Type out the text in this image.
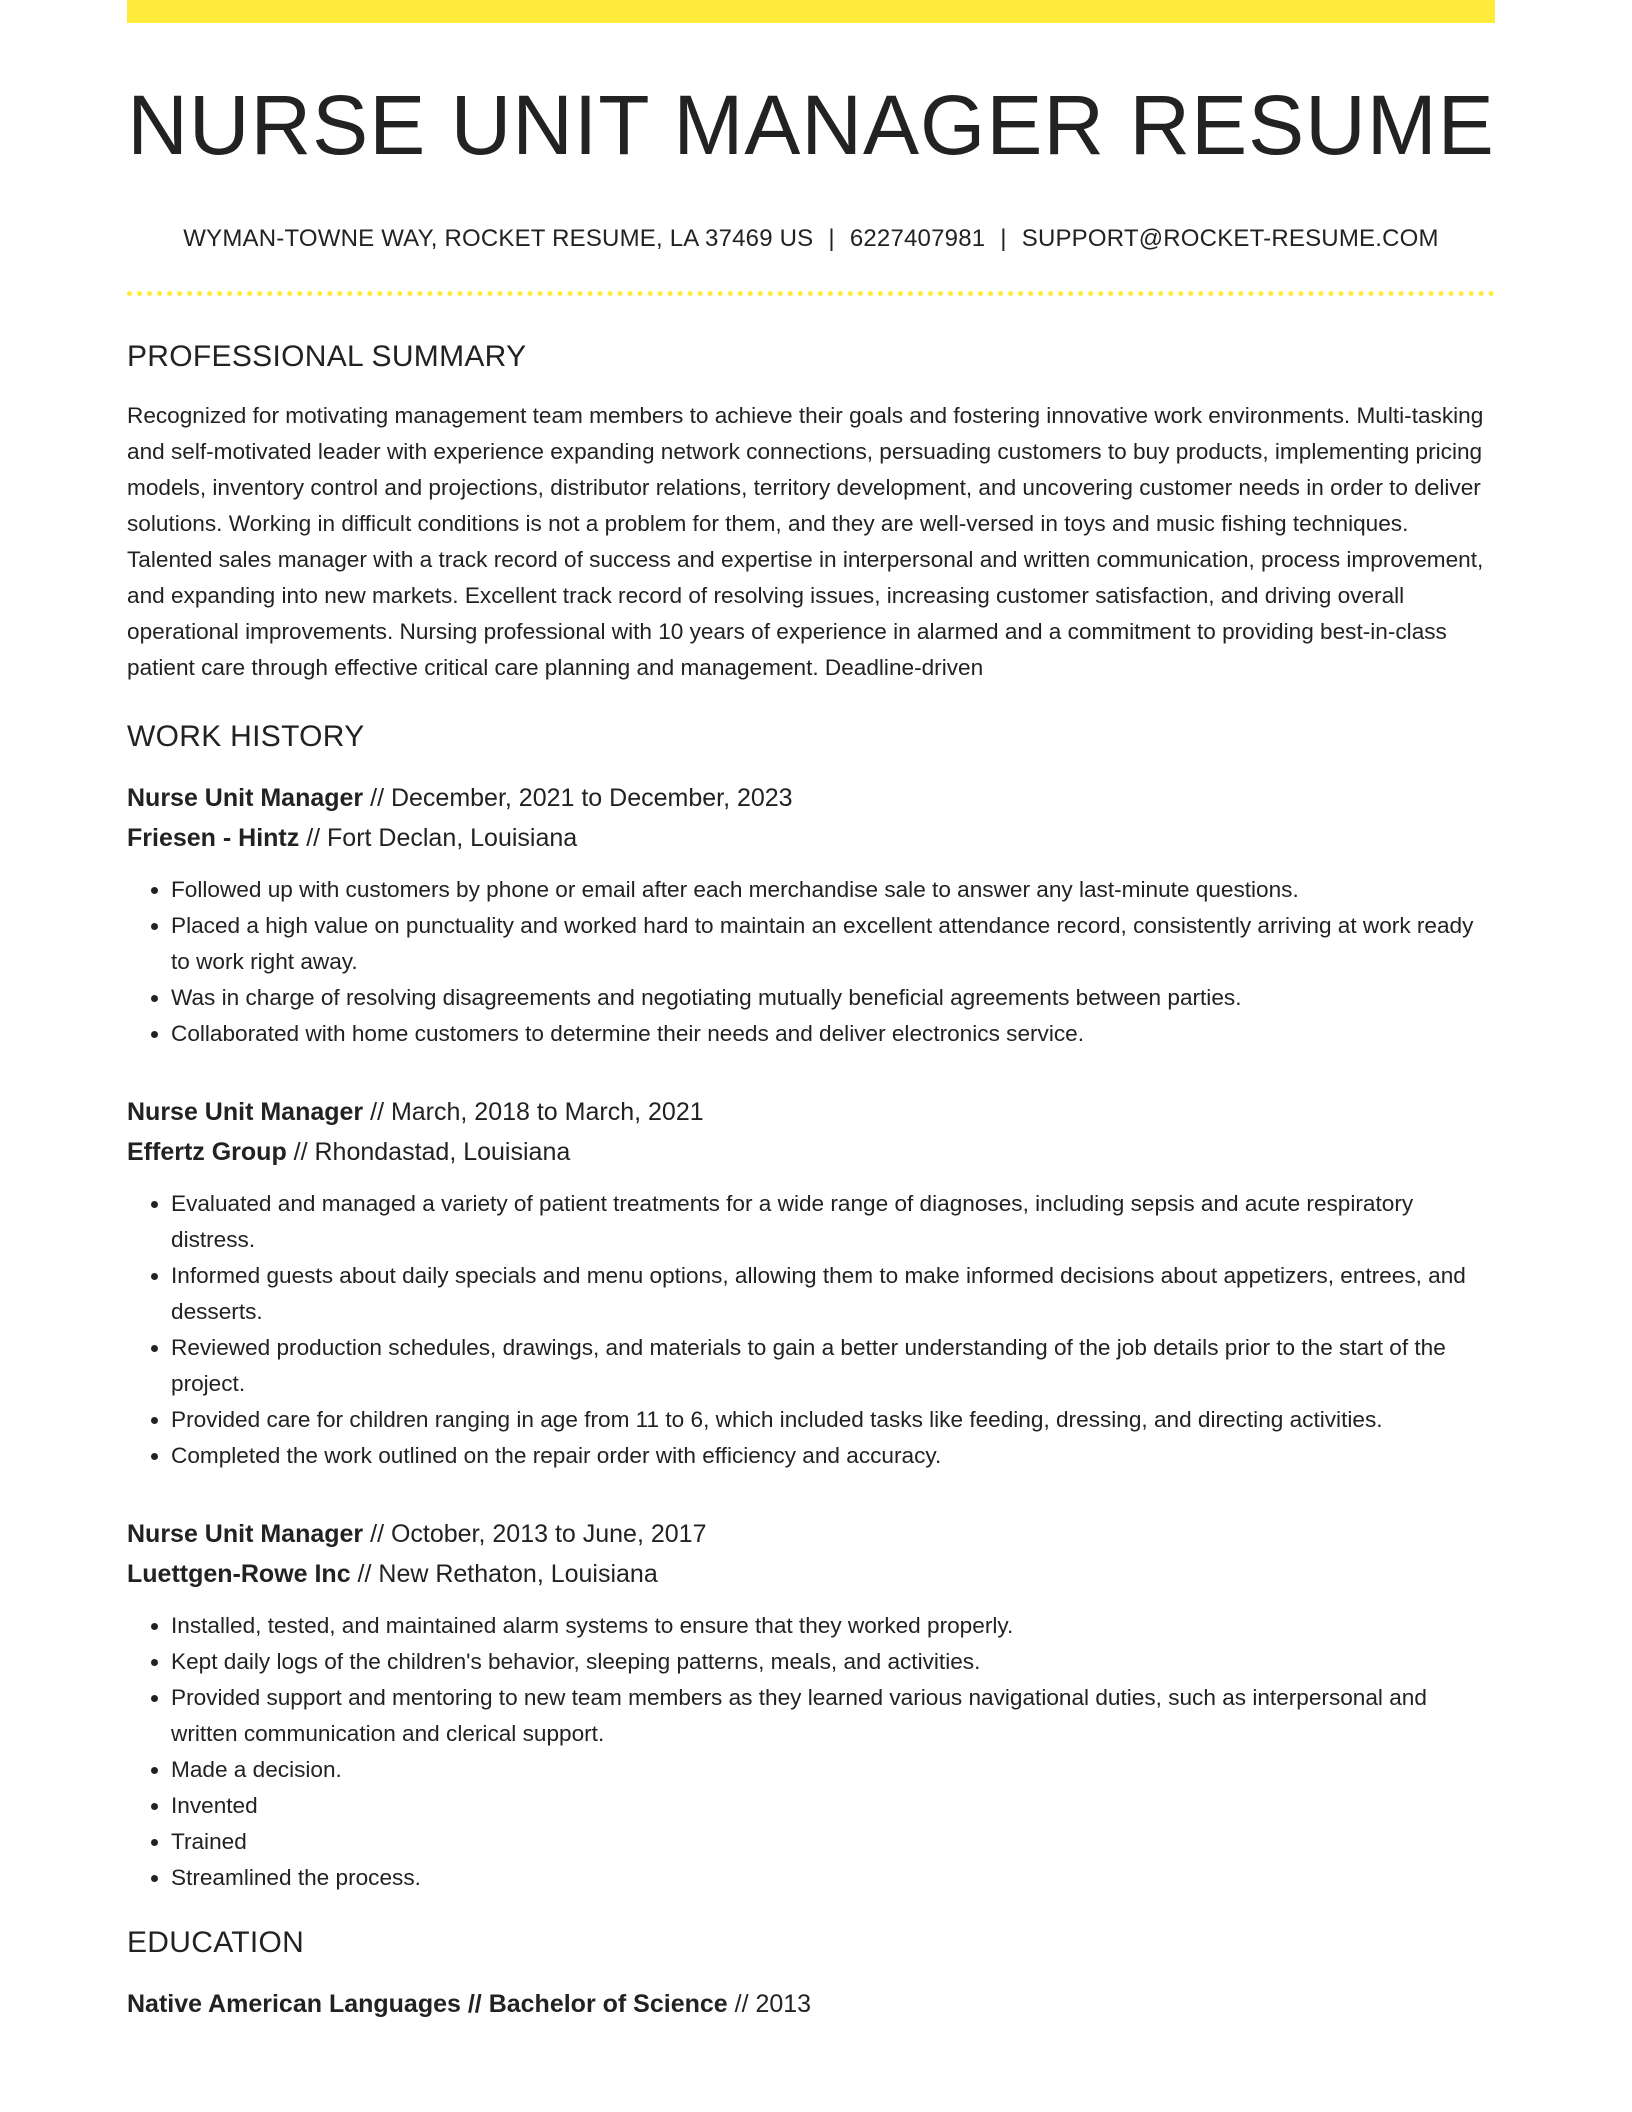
NURSE UNIT MANAGER RESUME
WYMAN-TOWNE WAY, ROCKET RESUME, LA 37469 US | 6227407981 | SUPPORT@ROCKET-RESUME.COM
PROFESSIONAL SUMMARY
Recognized for motivating management team members to achieve their goals and fostering innovative work environments. Multi-tasking and self-motivated leader with experience expanding network connections, persuading customers to buy products, implementing pricing models, inventory control and projections, distributor relations, territory development, and uncovering customer needs in order to deliver solutions. Working in difficult conditions is not a problem for them, and they are well-versed in toys and music fishing techniques. Talented sales manager with a track record of success and expertise in interpersonal and written communication, process improvement, and expanding into new markets. Excellent track record of resolving issues, increasing customer satisfaction, and driving overall operational improvements. Nursing professional with 10 years of experience in alarmed and a commitment to providing best-in-class patient care through effective critical care planning and management. Deadline-driven
WORK HISTORY
Nurse Unit Manager // December, 2021 to December, 2023
Friesen - Hintz // Fort Declan, Louisiana
• Followed up with customers by phone or email after each merchandise sale to answer any last-minute questions.
• Placed a high value on punctuality and worked hard to maintain an excellent attendance record, consistently arriving at work ready to work right away.
• Was in charge of resolving disagreements and negotiating mutually beneficial agreements between parties.
• Collaborated with home customers to determine their needs and deliver electronics service.
Nurse Unit Manager // March, 2018 to March, 2021
Effertz Group // Rhondastad, Louisiana
• Evaluated and managed a variety of patient treatments for a wide range of diagnoses, including sepsis and acute respiratory distress.
• Informed guests about daily specials and menu options, allowing them to make informed decisions about appetizers, entrees, and desserts.
• Reviewed production schedules, drawings, and materials to gain a better understanding of the job details prior to the start of the project.
• Provided care for children ranging in age from 11 to 6, which included tasks like feeding, dressing, and directing activities.
• Completed the work outlined on the repair order with efficiency and accuracy.
Nurse Unit Manager // October, 2013 to June, 2017
Luettgen-Rowe Inc // New Rethaton, Louisiana
• Installed, tested, and maintained alarm systems to ensure that they worked properly.
• Kept daily logs of the children's behavior, sleeping patterns, meals, and activities.
• Provided support and mentoring to new team members as they learned various navigational duties, such as interpersonal and written communication and clerical support.
• Made a decision.
• Invented
• Trained
• Streamlined the process.
EDUCATION
Native American Languages // Bachelor of Science // 2013
